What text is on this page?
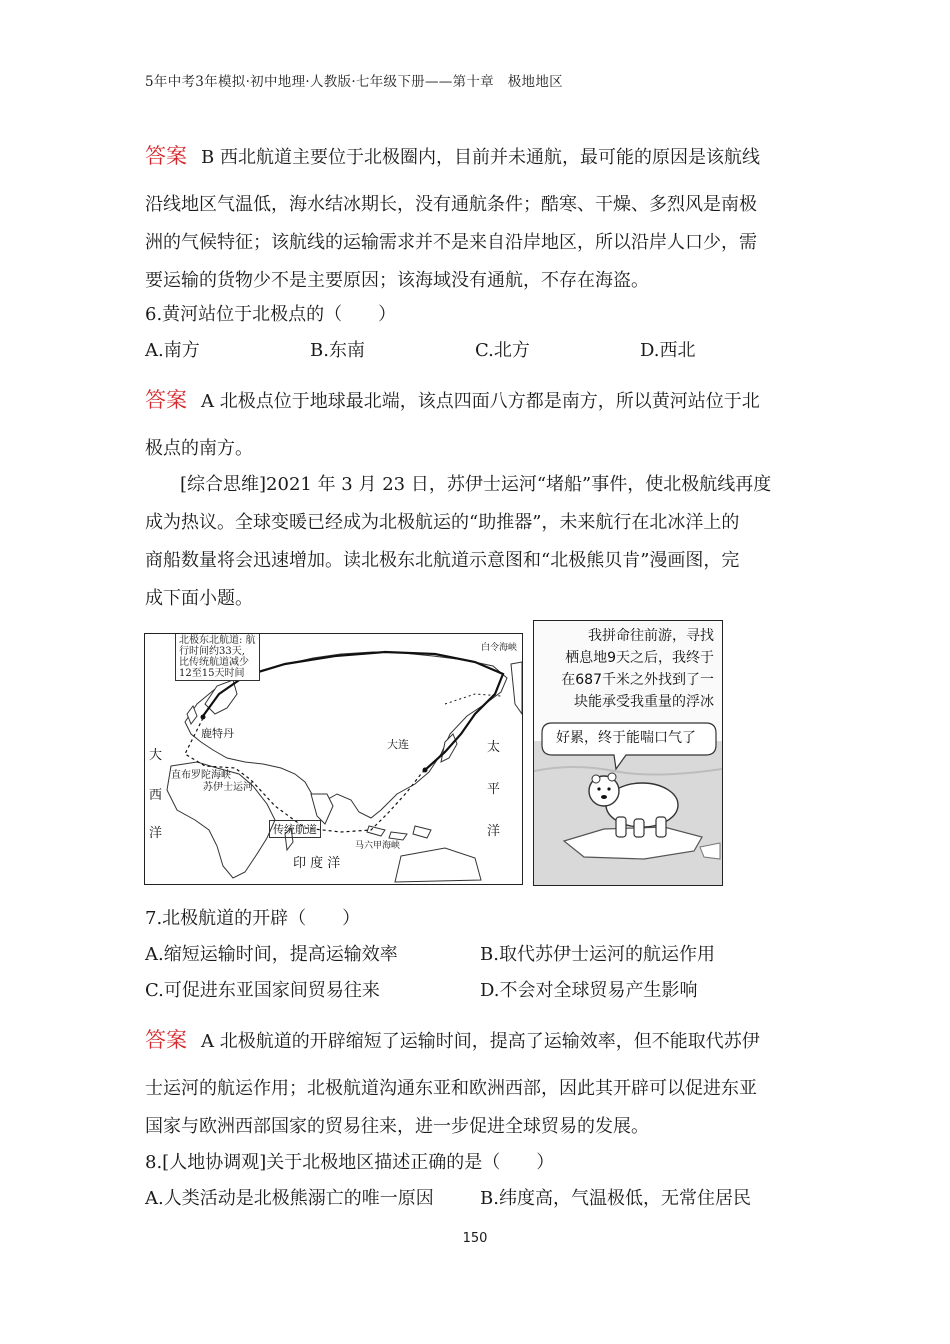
5年中考3年模拟·初中地理·人教版·七年级下册——第十章　极地地区
答案 B 西北航道主要位于北极圈内，目前并未通航，最可能的原因是该航线
沿线地区气温低，海水结冰期长，没有通航条件；酷寒、干燥、多烈风是南极
洲的气候特征；该航线的运输需求并不是来自沿岸地区，所以沿岸人口少，需
要运输的货物少不是主要原因；该海域没有通航，不存在海盗。
6.黄河站位于北极点的（　　）
A.南方	B.东南	C.北方	D.西北
答案 A 北极点位于地球最北端，该点四面八方都是南方，所以黄河站位于北
极点的南方。
[综合思维]2021 年 3 月 23 日，苏伊士运河“堵船”事件，使北极航线再度
成为热议。全球变暖已经成为北极航运的“助推器”，未来航行在北冰洋上的
商船数量将会迅速增加。读北极东北航道示意图和“北极熊贝肯”漫画图，完
成下面小题。
北极东北航道: 航
行时间约33天,
比传统航道减少
12至15天时间
白令海峡
鹿特丹
大连
直布罗陀海峡
苏伊士运河
传统航道
马六甲海峡
大
西
洋
太
平
洋
印 度 洋
我拼命往前游，寻找
栖息地9天之后，我终于
在687千米之外找到了一
块能承受我重量的浮冰
好累，终于能喘口气了
7.北极航道的开辟（　　）
A.缩短运输时间，提高运输效率	B.取代苏伊士运河的航运作用
C.可促进东亚国家间贸易往来	D.不会对全球贸易产生影响
答案 A 北极航道的开辟缩短了运输时间，提高了运输效率，但不能取代苏伊
士运河的航运作用；北极航道沟通东亚和欧洲西部，因此其开辟可以促进东亚
国家与欧洲西部国家的贸易往来，进一步促进全球贸易的发展。
8.[人地协调观]关于北极地区描述正确的是（　　）
A.人类活动是北极熊溺亡的唯一原因	B.纬度高，气温极低，无常住居民
150
